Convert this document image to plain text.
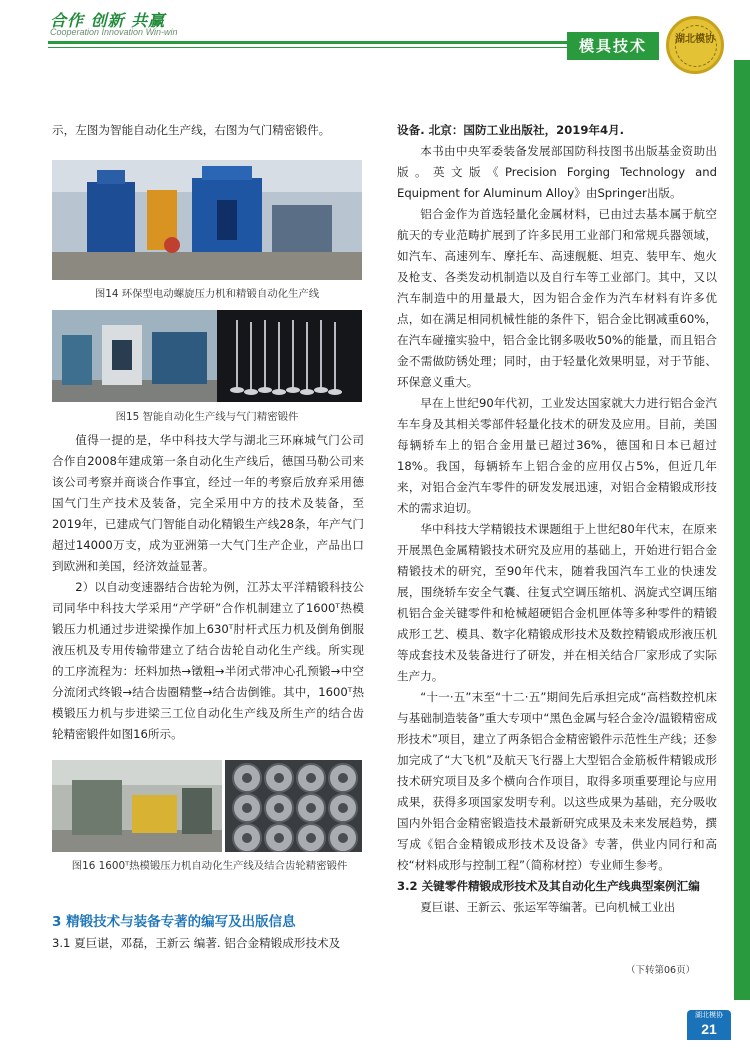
合作 创新 共赢
Cooperation Innovation Win-win
模具技术	湖北模协

示，左图为智能自动化生产线，右图为气门精密锻件。

图14 环保型电动螺旋压力机和精锻自动化生产线
图15 智能自动化生产线与气门精密锻件

值得一提的是，华中科技大学与湖北三环麻城气门公司合作自2008年建成第一条自动化生产线后，德国马勒公司来该公司考察并商谈合作事宜，经过一年的考察后放弃采用德国气门生产技术及装备，完全采用中方的技术及装备，至2019年，已建成气门智能自动化精锻生产线28条，年产气门超过14000万支，成为亚洲第一大气门生产企业，产品出口到欧洲和美国，经济效益显著。

2）以自动变速器结合齿轮为例，江苏太平洋精锻科技公司同华中科技大学采用“产学研”合作机制建立了1600ᵀ热模锻压力机通过步进梁操作加上630ᵀ肘杆式压力机及倒角倒服液压机及专用传输带建立了结合齿轮自动化生产线。所实现的工序流程为：坯料加热→镦粗→半闭式带冲心孔预锻→中空分流闭式终锻→结合齿圈精整→结合齿倒锥。其中，1600ᵀ热模锻压力机与步进梁三工位自动化生产线及所生产的结合齿轮精密锻件如图16所示。

图16 1600ᵀ热模锻压力机自动化生产线及结合齿轮精密锻件
3 精锻技术与装备专著的编写及出版信息

3.1 夏巨谌，邓磊，王新云 编著. 铝合金精锻成形技术及

设备. 北京：国防工业出版社，2019年4月.

本书由中央军委装备发展部国防科技图书出版基金资助出版。英文版《Precision Forging Technology and Equipment for Aluminum Alloy》由Springer出版。

铝合金作为首选轻量化金属材料，已由过去基本属于航空航天的专业范畴扩展到了许多民用工业部门和常规兵器领域，如汽车、高速列车、摩托车、高速舰艇、坦克、装甲车、炮火及枪支、各类发动机制造以及自行车等工业部门。其中，又以汽车制造中的用量最大，因为铝合金作为汽车材料有许多优点，如在满足相同机械性能的条件下，铝合金比钢减重60%，在汽车碰撞实验中，铝合金比钢多吸收50%的能量，而且铝合金不需做防锈处理；同时，由于轻量化效果明显，对于节能、环保意义重大。

早在上世纪90年代初，工业发达国家就大力进行铝合金汽车车身及其相关零部件轻量化技术的研发及应用。目前，美国每辆轿车上的铝合金用量已超过36%，德国和日本已超过18%。我国，每辆轿车上铝合金的应用仅占5%，但近几年来，对铝合金汽车零件的研发发展迅速，对铝合金精锻成形技术的需求迫切。

华中科技大学精锻技术课题组于上世纪80年代末，在原来开展黑色金属精锻技术研究及应用的基础上，开始进行铝合金精锻技术的研究，至90年代末，随着我国汽车工业的快速发展，围绕轿车安全气囊、往复式空调压缩机、涡旋式空调压缩机铝合金关键零件和枪械超硬铝合金机匣体等多种零件的精锻成形工艺、模具、数字化精锻成形技术及数控精锻成形液压机等成套技术及装备进行了研发，并在相关结合厂家形成了实际生产力。

“十一·五”末至“十二·五”期间先后承担完成“高档数控机床与基础制造装备”重大专项中“黑色金属与轻合金冷/温锻精密成形技术”项目，建立了两条铝合金精密锻件示范性生产线；还参加完成了“大飞机”及航天飞行器上大型铝合金筋板件精锻成形技术研究项目及多个横向合作项目，取得多项重要理论与应用成果，获得多项国家发明专利。以这些成果为基础，充分吸收国内外铝合金精密锻造技术最新研究成果及未来发展趋势，撰写成《铝合金精锻成形技术及设备》专著，供业内同行和高校“材料成形与控制工程”（简称材控）专业师生参考。

3.2 关键零件精锻成形技术及其自动化生产线典型案例汇编

夏巨谌、王新云、张运军等编著。已向机械工业出

（下转第06页）
湖北模协
21
